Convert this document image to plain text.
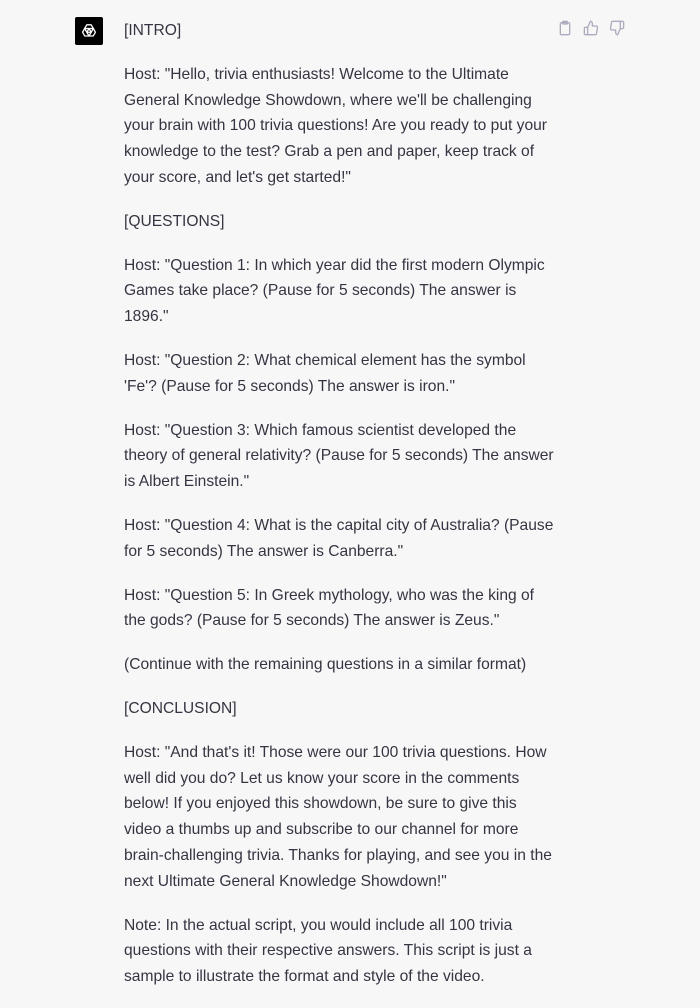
[INTRO]

Host: "Hello, trivia enthusiasts! Welcome to the Ultimate General Knowledge Showdown, where we'll be challenging your brain with 100 trivia questions! Are you ready to put your knowledge to the test? Grab a pen and paper, keep track of your score, and let's get started!"

[QUESTIONS]

Host: "Question 1: In which year did the first modern Olympic Games take place? (Pause for 5 seconds) The answer is 1896."

Host: "Question 2: What chemical element has the symbol 'Fe'? (Pause for 5 seconds) The answer is iron."

Host: "Question 3: Which famous scientist developed the theory of general relativity? (Pause for 5 seconds) The answer is Albert Einstein."

Host: "Question 4: What is the capital city of Australia? (Pause for 5 seconds) The answer is Canberra."

Host: "Question 5: In Greek mythology, who was the king of the gods? (Pause for 5 seconds) The answer is Zeus."

(Continue with the remaining questions in a similar format)

[CONCLUSION]

Host: "And that's it! Those were our 100 trivia questions. How well did you do? Let us know your score in the comments below! If you enjoyed this showdown, be sure to give this video a thumbs up and subscribe to our channel for more brain-challenging trivia. Thanks for playing, and see you in the next Ultimate General Knowledge Showdown!"

Note: In the actual script, you would include all 100 trivia questions with their respective answers. This script is just a sample to illustrate the format and style of the video.
